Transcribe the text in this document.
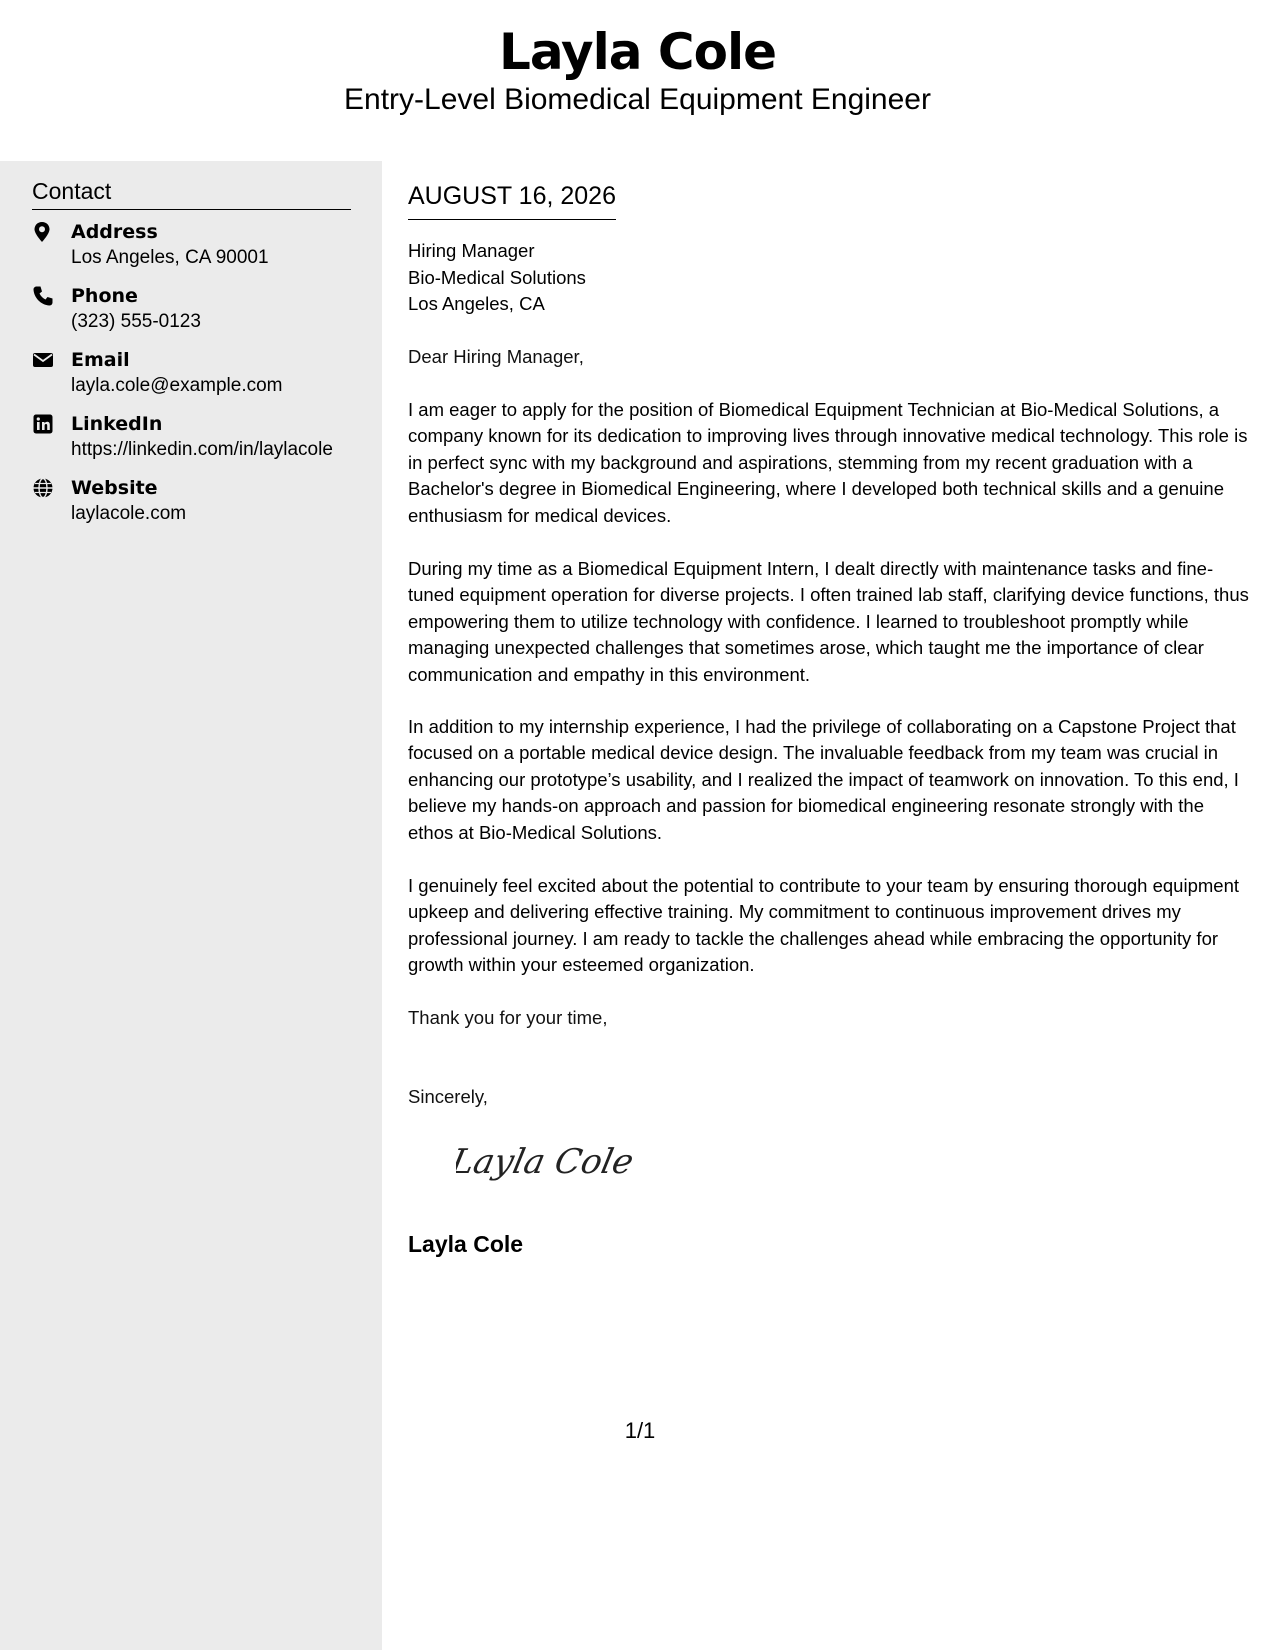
Layla Cole
Entry-Level Biomedical Equipment Engineer
Contact
Address
Los Angeles, CA 90001
Phone
(323) 555-0123
Email
layla.cole@example.com
LinkedIn
https://linkedin.com/in/laylacole
Website
laylacole.com
AUGUST 16, 2026
Hiring Manager
Bio-Medical Solutions
Los Angeles, CA
Dear Hiring Manager,
I am eager to apply for the position of Biomedical Equipment Technician at Bio-Medical Solutions, a company known for its dedication to improving lives through innovative medical technology. This role is in perfect sync with my background and aspirations, stemming from my recent graduation with a Bachelor's degree in Biomedical Engineering, where I developed both technical skills and a genuine enthusiasm for medical devices.
During my time as a Biomedical Equipment Intern, I dealt directly with maintenance tasks and fine-tuned equipment operation for diverse projects. I often trained lab staff, clarifying device functions, thus empowering them to utilize technology with confidence. I learned to troubleshoot promptly while managing unexpected challenges that sometimes arose, which taught me the importance of clear communication and empathy in this environment.
In addition to my internship experience, I had the privilege of collaborating on a Capstone Project that focused on a portable medical device design. The invaluable feedback from my team was crucial in enhancing our prototype’s usability, and I realized the impact of teamwork on innovation. To this end, I believe my hands-on approach and passion for biomedical engineering resonate strongly with the ethos at Bio-Medical Solutions.
I genuinely feel excited about the potential to contribute to your team by ensuring thorough equipment upkeep and delivering effective training. My commitment to continuous improvement drives my professional journey. I am ready to tackle the challenges ahead while embracing the opportunity for growth within your esteemed organization.
Thank you for your time,
Sincerely,
Layla Cole
Layla Cole
1/1
